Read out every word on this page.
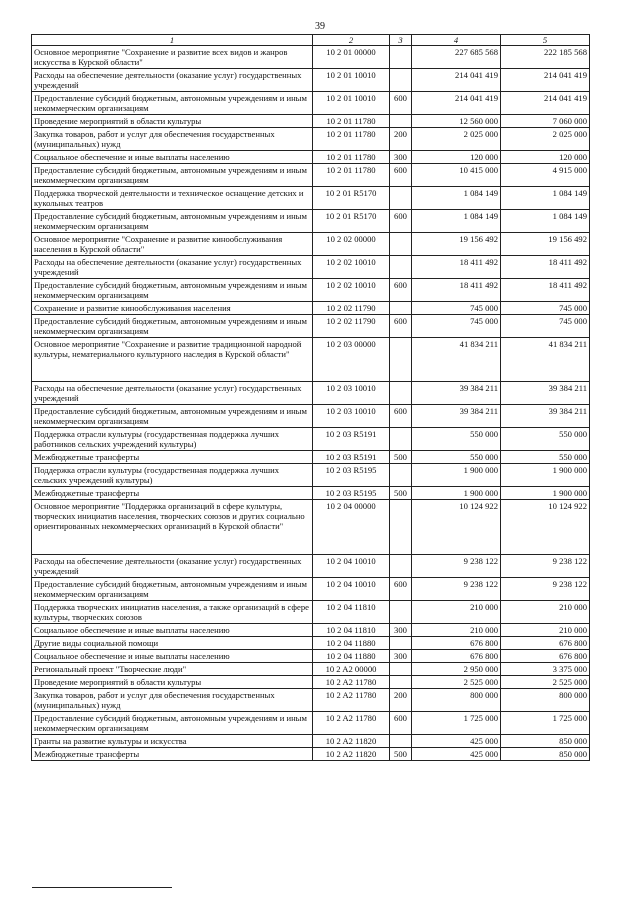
39
1	2	3	4	5
Основное мероприятие "Сохранение и развитие всех видов и жанров искусства в Курской области"	10 2 01 00000		227 685 568	222 185 568
Расходы на обеспечение деятельности (оказание услуг) государственных учреждений	10 2 01 10010		214 041 419	214 041 419
Предоставление субсидий бюджетным, автономным учреждениям и иным некоммерческим организациям	10 2 01 10010	600	214 041 419	214 041 419
Проведение мероприятий в области культуры	10 2 01 11780		12 560 000	7 060 000
Закупка товаров, работ и услуг для обеспечения государственных (муниципальных) нужд	10 2 01 11780	200	2 025 000	2 025 000
Социальное обеспечение и иные выплаты населению	10 2 01 11780	300	120 000	120 000
Предоставление субсидий бюджетным, автономным учреждениям и иным некоммерческим организациям	10 2 01 11780	600	10 415 000	4 915 000
Поддержка творческой деятельности и техническое оснащение детских и кукольных театров	10 2 01 R5170		1 084 149	1 084 149
Предоставление субсидий бюджетным, автономным учреждениям и иным некоммерческим организациям	10 2 01 R5170	600	1 084 149	1 084 149
Основное мероприятие "Сохранение и развитие кинообслуживания населения в Курской области"	10 2 02 00000		19 156 492	19 156 492
Расходы на обеспечение деятельности (оказание услуг) государственных учреждений	10 2 02 10010		18 411 492	18 411 492
Предоставление субсидий бюджетным, автономным учреждениям и иным некоммерческим организациям	10 2 02 10010	600	18 411 492	18 411 492
Сохранение и развитие кинообслуживания населения	10 2 02 11790		745 000	745 000
Предоставление субсидий бюджетным, автономным учреждениям и иным некоммерческим организациям	10 2 02 11790	600	745 000	745 000
Основное мероприятие "Сохранение и развитие традиционной народной культуры, нематериального культурного наследия в Курской области"	10 2 03 00000		41 834 211	41 834 211
Расходы на обеспечение деятельности (оказание услуг) государственных учреждений	10 2 03 10010		39 384 211	39 384 211
Предоставление субсидий бюджетным, автономным учреждениям и иным некоммерческим организациям	10 2 03 10010	600	39 384 211	39 384 211
Поддержка отрасли культуры (государственная поддержка лучших работников сельских учреждений культуры)	10 2 03 R5191		550 000	550 000
Межбюджетные трансферты	10 2 03 R5191	500	550 000	550 000
Поддержка отрасли культуры (государственная поддержка лучших сельских учреждений культуры)	10 2 03 R5195		1 900 000	1 900 000
Межбюджетные трансферты	10 2 03 R5195	500	1 900 000	1 900 000
Основное мероприятие "Поддержка организаций в сфере культуры, творческих инициатив населения, творческих союзов и других социально ориентированных некоммерческих организаций в Курской области"	10 2 04 00000		10 124 922	10 124 922
Расходы на обеспечение деятельности (оказание услуг) государственных учреждений	10 2 04 10010		9 238 122	9 238 122
Предоставление субсидий бюджетным, автономным учреждениям и иным некоммерческим организациям	10 2 04 10010	600	9 238 122	9 238 122
Поддержка творческих инициатив населения, а также организаций в сфере культуры, творческих союзов	10 2 04 11810		210 000	210 000
Социальное обеспечение и иные выплаты населению	10 2 04 11810	300	210 000	210 000
Другие виды социальной помощи	10 2 04 11880		676 800	676 800
Социальное обеспечение и иные выплаты населению	10 2 04 11880	300	676 800	676 800
Региональный проект "Творческие люди"	10 2 A2 00000		2 950 000	3 375 000
Проведение мероприятий в области культуры	10 2 A2 11780		2 525 000	2 525 000
Закупка товаров, работ и услуг для обеспечения государственных (муниципальных) нужд	10 2 A2 11780	200	800 000	800 000
Предоставление субсидий бюджетным, автономным учреждениям и иным некоммерческим организациям	10 2 A2 11780	600	1 725 000	1 725 000
Гранты на развитие культуры и искусства	10 2 A2 11820		425 000	850 000
Межбюджетные трансферты	10 2 A2 11820	500	425 000	850 000
